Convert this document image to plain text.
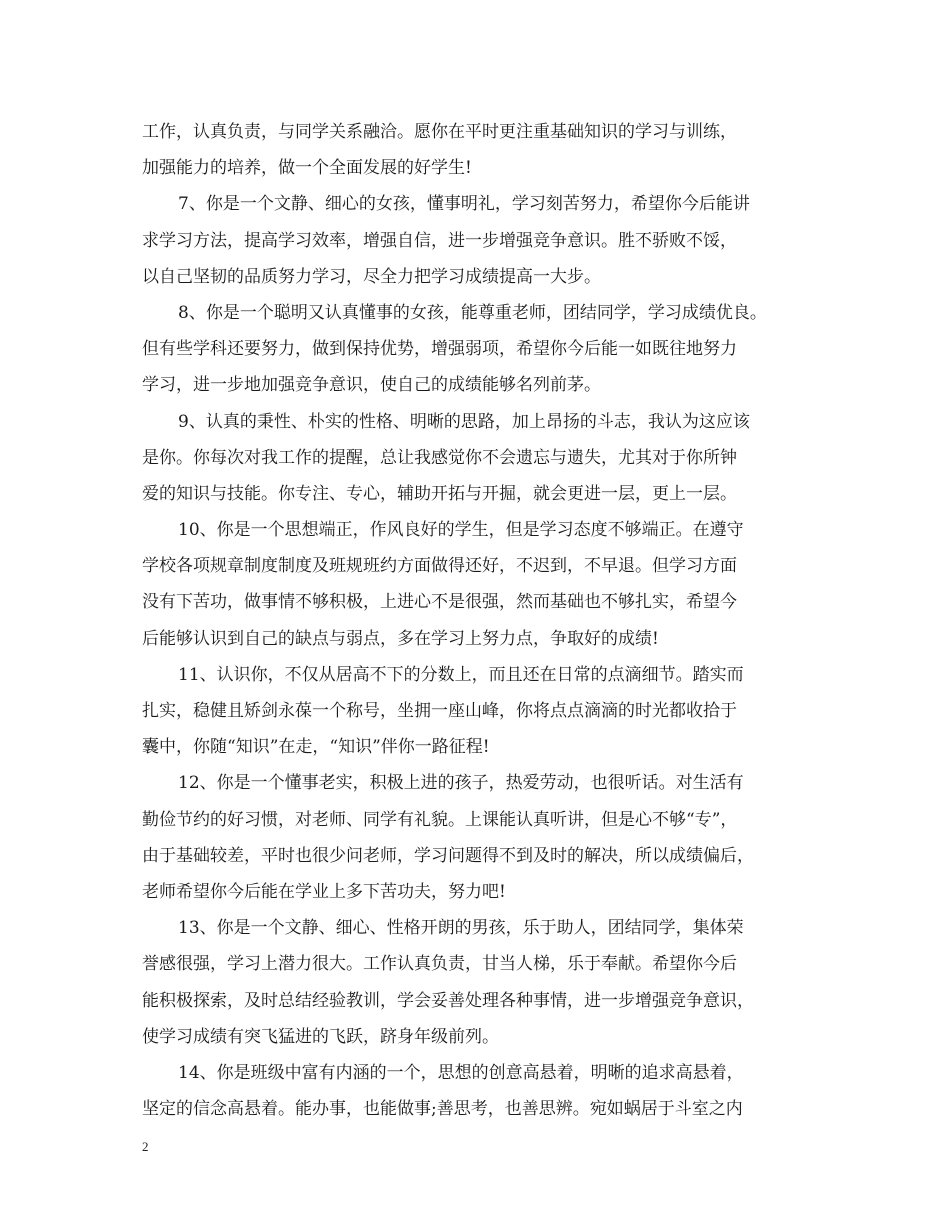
工作，认真负责，与同学关系融洽。愿你在平时更注重基础知识的学习与训练，
加强能力的培养，做一个全面发展的好学生!
7、你是一个文静、细心的女孩，懂事明礼，学习刻苦努力，希望你今后能讲
求学习方法，提高学习效率，增强自信，进一步增强竞争意识。胜不骄败不馁，
以自己坚韧的品质努力学习，尽全力把学习成绩提高一大步。
8、你是一个聪明又认真懂事的女孩，能尊重老师，团结同学，学习成绩优良。
但有些学科还要努力，做到保持优势，增强弱项，希望你今后能一如既往地努力
学习，进一步地加强竞争意识，使自己的成绩能够名列前茅。
9、认真的秉性、朴实的性格、明晰的思路，加上昂扬的斗志，我认为这应该
是你。你每次对我工作的提醒，总让我感觉你不会遗忘与遗失，尤其对于你所钟
爱的知识与技能。你专注、专心，辅助开拓与开掘，就会更进一层，更上一层。
10、你是一个思想端正，作风良好的学生，但是学习态度不够端正。在遵守
学校各项规章制度制度及班规班约方面做得还好，不迟到，不早退。但学习方面
没有下苦功，做事情不够积极，上进心不是很强，然而基础也不够扎实，希望今
后能够认识到自己的缺点与弱点，多在学习上努力点，争取好的成绩!
11、认识你，不仅从居高不下的分数上，而且还在日常的点滴细节。踏实而
扎实，稳健且矫剑永葆一个称号，坐拥一座山峰，你将点点滴滴的时光都收拾于
囊中，你随“知识”在走，“知识”伴你一路征程!
12、你是一个懂事老实，积极上进的孩子，热爱劳动，也很听话。对生活有
勤俭节约的好习惯，对老师、同学有礼貌。上课能认真听讲，但是心不够“专”，
由于基础较差，平时也很少问老师，学习问题得不到及时的解决，所以成绩偏后，
老师希望你今后能在学业上多下苦功夫，努力吧!
13、你是一个文静、细心、性格开朗的男孩，乐于助人，团结同学，集体荣
誉感很强，学习上潜力很大。工作认真负责，甘当人梯，乐于奉献。希望你今后
能积极探索，及时总结经验教训，学会妥善处理各种事情，进一步增强竞争意识，
使学习成绩有突飞猛进的飞跃，跻身年级前列。
14、你是班级中富有内涵的一个，思想的创意高悬着，明晰的追求高悬着，
坚定的信念高悬着。能办事，也能做事;善思考，也善思辨。宛如蜗居于斗室之内
2
